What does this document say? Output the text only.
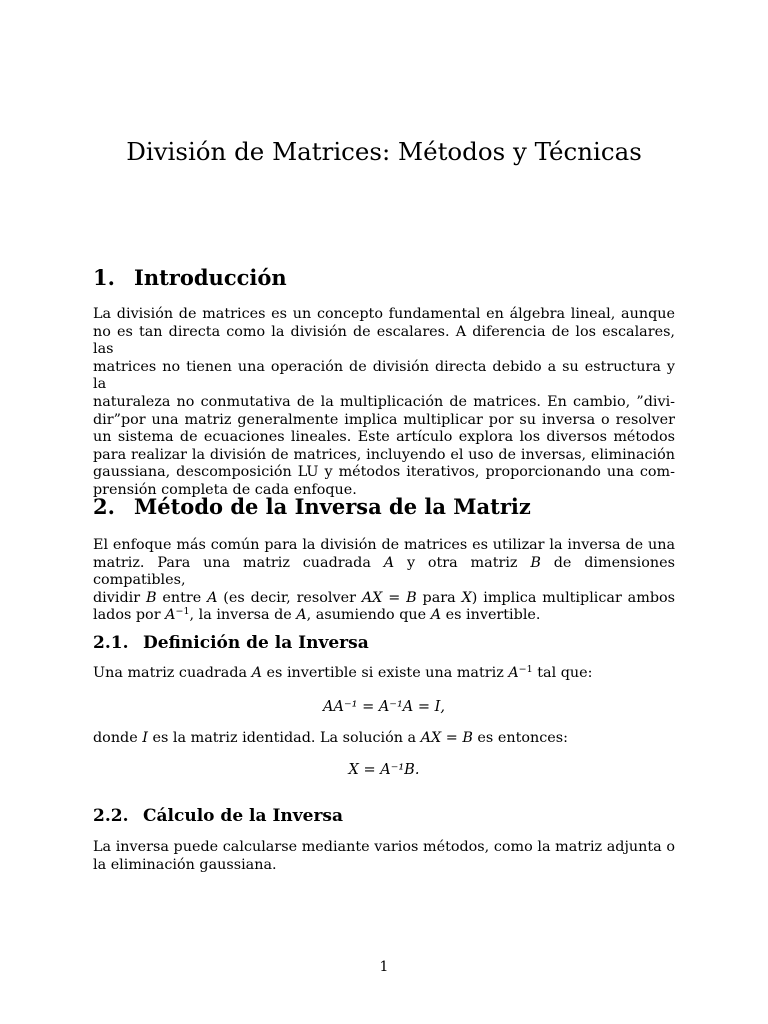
División de Matrices: Métodos y Técnicas
1. Introducción
La división de matrices es un concepto fundamental en álgebra lineal, aunque
no es tan directa como la división de escalares. A diferencia de los escalares, las
matrices no tienen una operación de división directa debido a su estructura y la
naturaleza no conmutativa de la multiplicación de matrices. En cambio, ”divi-
dir”por una matriz generalmente implica multiplicar por su inversa o resolver
un sistema de ecuaciones lineales. Este artículo explora los diversos métodos
para realizar la división de matrices, incluyendo el uso de inversas, eliminación
gaussiana, descomposición LU y métodos iterativos, proporcionando una com-
prensión completa de cada enfoque.
2. Método de la Inversa de la Matriz
El enfoque más común para la división de matrices es utilizar la inversa de una
matriz. Para una matriz cuadrada A y otra matriz B de dimensiones compatibles,
dividir B entre A (es decir, resolver AX = B para X) implica multiplicar ambos
lados por $A^{-1}$, la inversa de A, asumiendo que A es invertible.
2.1. Definición de la Inversa
Una matriz cuadrada A es invertible si existe una matriz $A^{-1}$ tal que:
AA⁻¹ = A⁻¹A = I,
donde I es la matriz identidad. La solución a AX = B es entonces:
X = A⁻¹B.
2.2. Cálculo de la Inversa
La inversa puede calcularse mediante varios métodos, como la matriz adjunta o
la eliminación gaussiana.
1
